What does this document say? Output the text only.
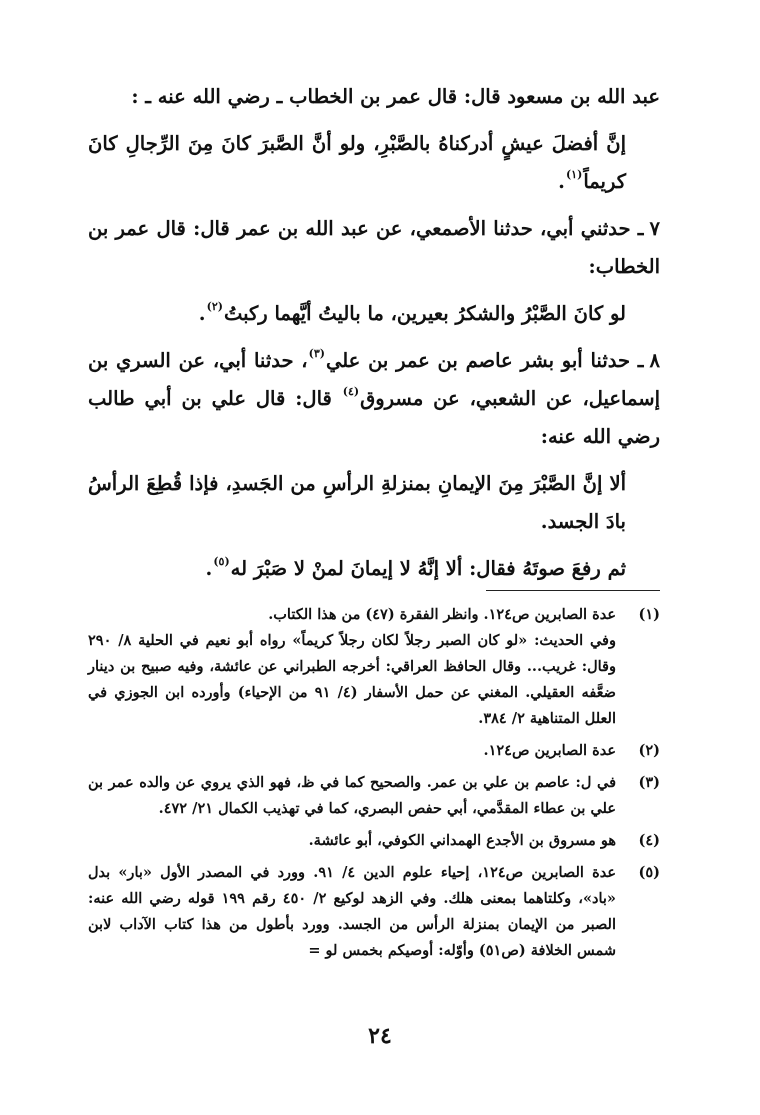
عبد الله بن مسعود قال: قال عمر بن الخطاب ـ رضي الله عنه ـ :

إنَّ أفضلَ عيشٍ أدركناهُ بالصَّبْرِ، ولو أنَّ الصَّبرَ كانَ مِنَ الرِّجالِ كانَ كريماً$^{(١)}$.

٧ـ حدثني أبي، حدثنا الأصمعي، عن عبد الله بن عمر قال: قال عمر بن الخطاب:

لو كانَ الصَّبْرُ والشكرُ بعيرين، ما باليتُ أيَّهما ركبتُ$^{(٢)}$.

٨ـ حدثنا أبو بشر عاصم بن عمر بن علي$^{(٣)}$، حدثنا أبي، عن السري بن إسماعيل، عن الشعبي، عن مسروق$^{(٤)}$ قال: قال علي بن أبي طالب رضي الله عنه:

ألا إنَّ الصَّبْرَ مِنَ الإيمانِ بمنزلةِ الرأسِ من الجَسدِ، فإذا قُطِعَ الرأسُ بادَ الجسد.

ثم رفعَ صوتَهُ فقال: ألا إنَّهُ لا إيمانَ لمنْ لا صَبْرَ له$^{(٥)}$.

(١)

عدة الصابرين ص١٢٤. وانظر الفقرة (٤٧) من هذا الكتاب.

وفي الحديث: «لو كان الصبر رجلاً لكان رجلاً كريماً» رواه أبو نعيم في الحلية ٨/ ٢٩٠ وقال: غريب... وقال الحافظ العراقي: أخرجه الطبراني عن عائشة، وفيه صبيح بن دينار ضعَّفه العقيلي. المغني عن حمل الأسفار (٤/ ٩١ من الإحياء) وأورده ابن الجوزي في العلل المتناهية ٢/ ٣٨٤.

(٢)

عدة الصابرين ص١٢٤.

(٣)

في ل: عاصم بن علي بن عمر. والصحيح كما في ظ، فهو الذي يروي عن والده عمر بن علي بن عطاء المقدَّمي، أبي حفص البصري، كما في تهذيب الكمال ٢١/ ٤٧٢.

(٤)

هو مسروق بن الأجدع الهمداني الكوفي، أبو عائشة.

(٥)

عدة الصابرين ص١٢٤، إحياء علوم الدين ٤/ ٩١. وورد في المصدر الأول «بار» بدل «باد»، وكلتاهما بمعنى هلك. وفي الزهد لوكيع ٢/ ٤٥٠ رقم ١٩٩ قوله رضي الله عنه: الصبر من الإيمان بمنزلة الرأس من الجسد. وورد بأطول من هذا كتاب الآداب لابن شمس الخلافة (ص٥١) وأوّله: أوصيكم بخمس لو =

٢٤
